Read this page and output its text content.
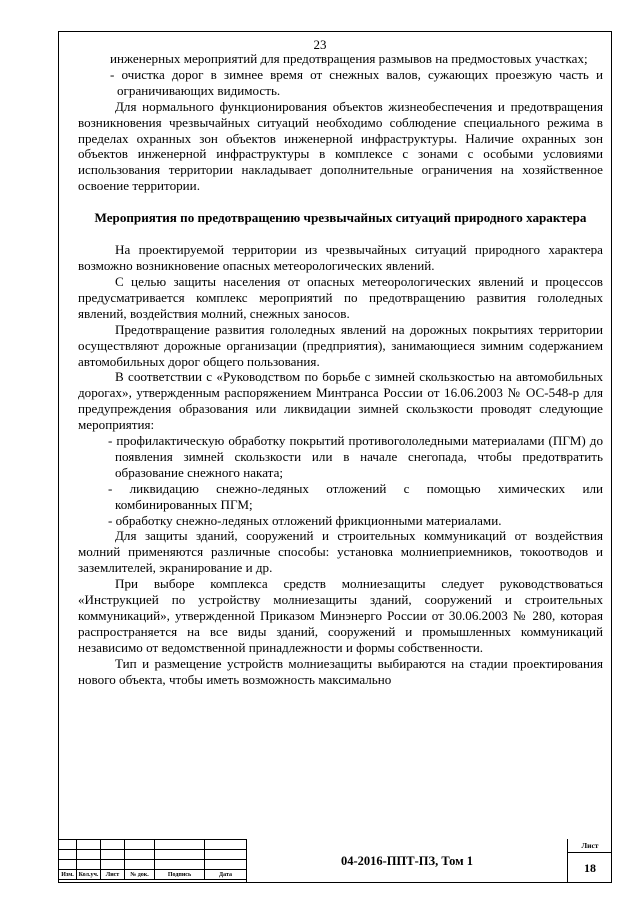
23

инженерных мероприятий для предотвращения размывов на предмостовых участках;

- очистка дорог в зимнее время от снежных валов, сужающих проезжую часть и ограничивающих видимость.

Для нормального функционирования объектов жизнеобеспечения и предотвращения возникновения чрезвычайных ситуаций необходимо соблюдение специального режима в пределах охранных зон объектов инженерной инфраструктуры. Наличие охранных зон объектов инженерной инфраструктуры в комплексе с зонами с особыми условиями использования территории накладывает дополнительные ограничения на хозяйственное освоение территории.

Мероприятия по предотвращению чрезвычайных ситуаций природного характера

На проектируемой территории из чрезвычайных ситуаций природного характера возможно возникновение опасных метеорологических явлений.

С целью защиты населения от опасных метеорологических явлений и процессов предусматривается комплекс мероприятий по предотвращению развития гололедных явлений, воздействия молний, снежных заносов.

Предотвращение развития гололедных явлений на дорожных покрытиях территории осуществляют дорожные организации (предприятия), занимающиеся зимним содержанием автомобильных дорог общего пользования.

В соответствии с «Руководством по борьбе с зимней скользкостью на автомобильных дорогах», утвержденным распоряжением Минтранса России от 16.06.2003 № ОС-548-р для предупреждения образования или ликвидации зимней скользкости проводят следующие мероприятия:

- профилактическую обработку покрытий противогололедными материалами (ПГМ) до появления зимней скользкости или в начале снегопада, чтобы предотвратить образование снежного наката;

- ликвидацию снежно-ледяных отложений с помощью химических или комбинированных ПГМ;

- обработку снежно-ледяных отложений фрикционными материалами.

Для защиты зданий, сооружений и строительных коммуникаций от воздействия молний применяются различные способы: установка молниеприемников, токоотводов и заземлителей, экранирование и др.

При выборе комплекса средств молниезащиты следует руководствоваться «Инструкцией по устройству молниезащиты зданий, сооружений и строительных коммуникаций», утвержденной Приказом Минэнерго России от 30.06.2003 № 280, которая распространяется на все виды зданий, сооружений и промышленных коммуникаций независимо от ведомственной принадлежности и формы собственности.

Тип и размещение устройств молниезащиты выбираются на стадии проектирования нового объекта, чтобы иметь возможность максимально

Изм.	Кол.уч.	Лист	№ док.	Подпись	Дата
04-2016-ППТ-ПЗ, Том 1
Лист
18
